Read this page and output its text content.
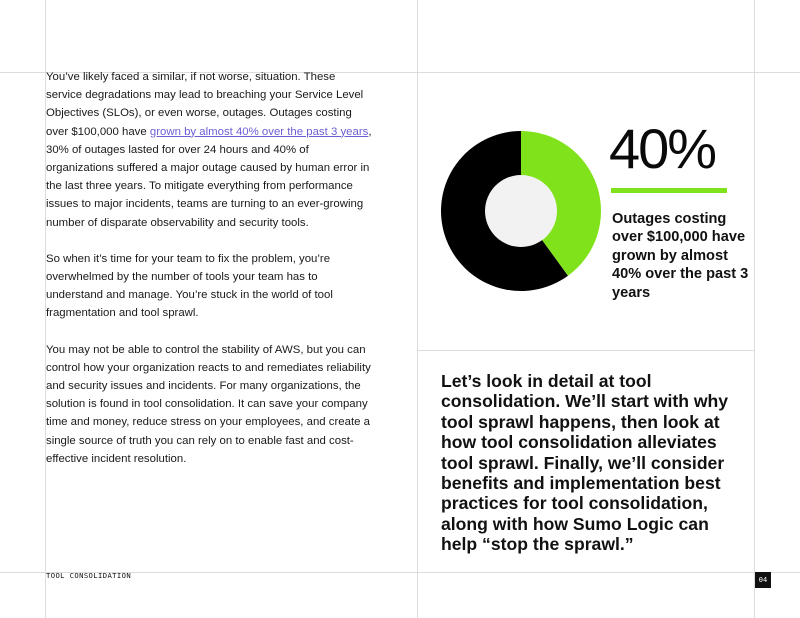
You’ve likely faced a similar, if not worse, situation. These service degradations may lead to breaching your Service Level Objectives (SLOs), or even worse, outages. Outages costing over $100,000 have grown by almost 40% over the past 3 years, 30% of outages lasted for over 24 hours and 40% of organizations suffered a major outage caused by human error in the last three years. To mitigate everything from performance issues to major incidents, teams are turning to an ever-growing number of disparate observability and security tools.

So when it’s time for your team to fix the problem, you’re overwhelmed by the number of tools your team has to understand and manage. You’re stuck in the world of tool fragmentation and tool sprawl.

You may not be able to control the stability of AWS, but you can control how your organization reacts to and remediates reliability and security issues and incidents. For many organizations, the solution is found in tool consolidation. It can save your company time and money, reduce stress on your employees, and create a single source of truth you can rely on to enable fast and cost-effective incident resolution.

40%

Outages costing over $100,000 have grown by almost 40% over the past 3 years

Let’s look in detail at tool consolidation. We’ll start with why tool sprawl happens, then look at how tool consolidation alleviates tool sprawl. Finally, we’ll consider benefits and implementation best practices for tool consolidation, along with how Sumo Logic can help “stop the sprawl.”

TOOL CONSOLIDATION	04
